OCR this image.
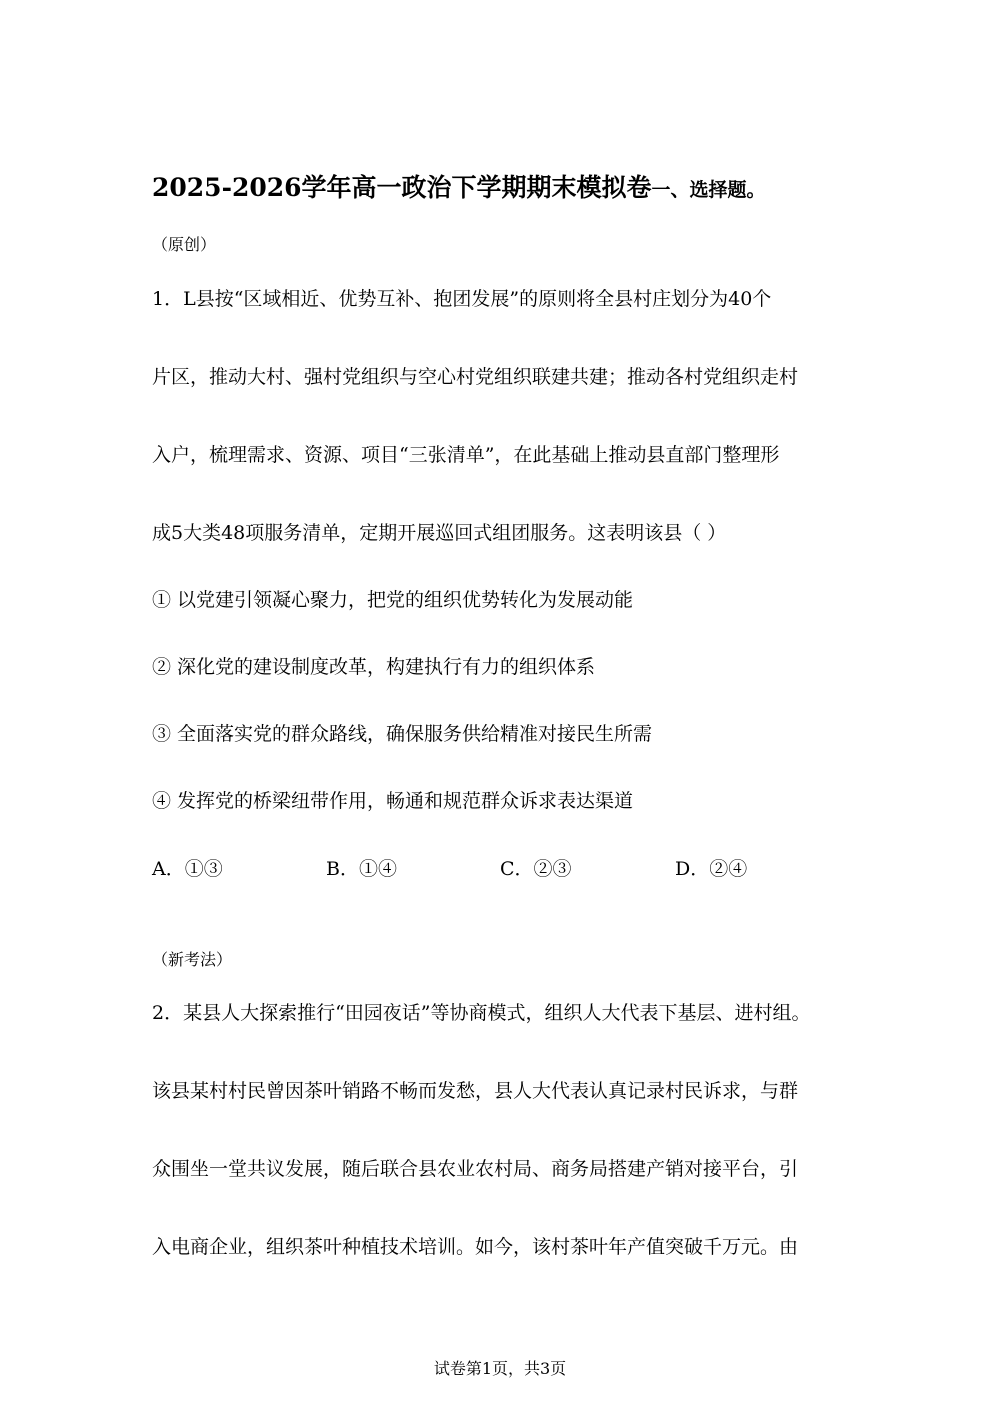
2025-2026学年高一政治下学期期末模拟卷一、选择题。
（原创）
1．L县按“区域相近、优势互补、抱团发展”的原则将全县村庄划分为40个
片区，推动大村、强村党组织与空心村党组织联建共建；推动各村党组织走村
入户，梳理需求、资源、项目“三张清单”，在此基础上推动县直部门整理形
成5大类48项服务清单，定期开展巡回式组团服务。这表明该县（ ）
① 以党建引领凝心聚力，把党的组织优势转化为发展动能
② 深化党的建设制度改革，构建执行有力的组织体系
③ 全面落实党的群众路线，确保服务供给精准对接民生所需
④ 发挥党的桥梁纽带作用，畅通和规范群众诉求表达渠道
A．①③	B．①④	C．②③	D．②④
（新考法）
2．某县人大探索推行“田园夜话”等协商模式，组织人大代表下基层、进村组。
该县某村村民曾因茶叶销路不畅而发愁，县人大代表认真记录村民诉求，与群
众围坐一堂共议发展，随后联合县农业农村局、商务局搭建产销对接平台，引
入电商企业，组织茶叶种植技术培训。如今，该村茶叶年产值突破千万元。由
试卷第1页，共3页
